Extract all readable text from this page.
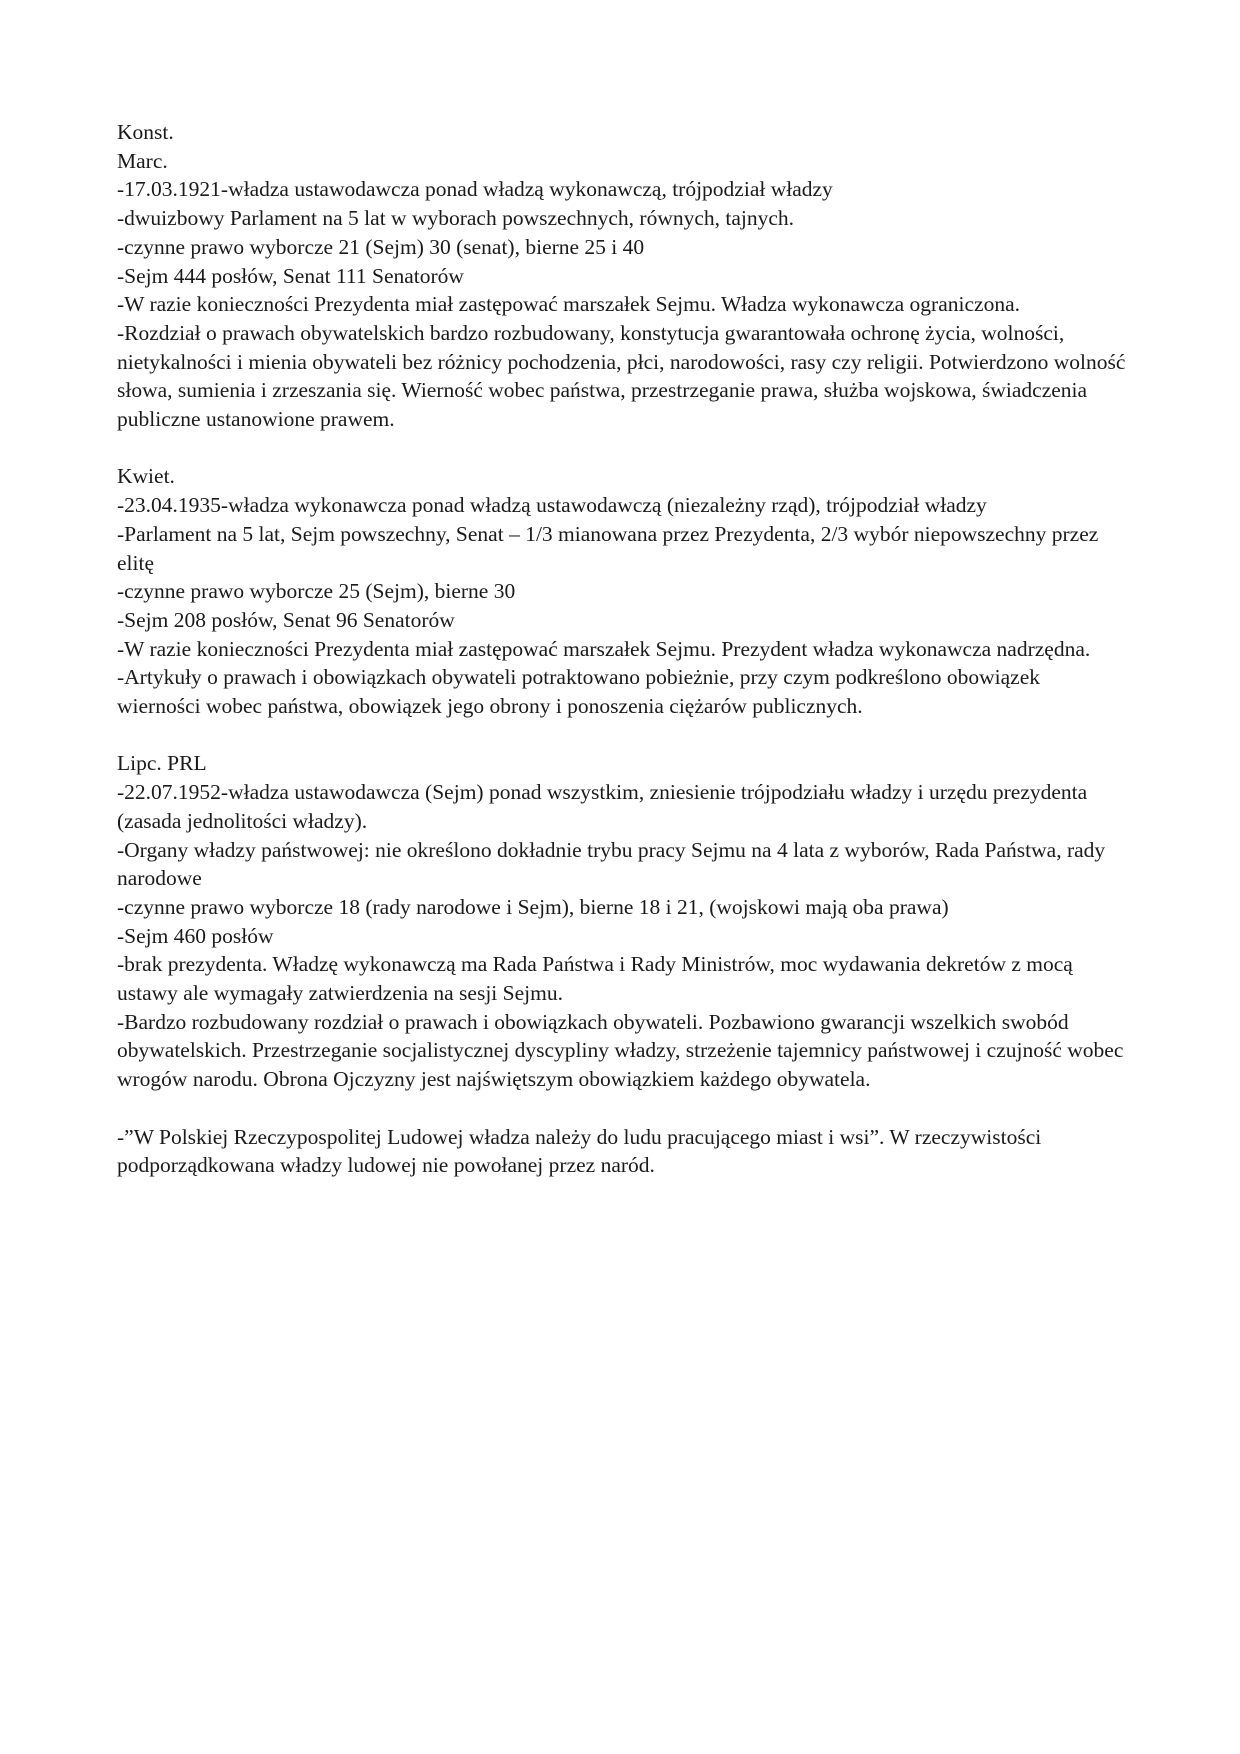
Konst.
Marc.
-17.03.1921-władza ustawodawcza ponad władzą wykonawczą, trójpodział władzy
-dwuizbowy Parlament na 5 lat w wyborach powszechnych, równych, tajnych.
-czynne prawo wyborcze 21 (Sejm) 30 (senat), bierne 25 i 40
-Sejm 444 posłów, Senat 111 Senatorów
-W razie konieczności Prezydenta miał zastępować marszałek Sejmu. Władza wykonawcza ograniczona.
-Rozdział o prawach obywatelskich bardzo rozbudowany, konstytucja gwarantowała ochronę życia, wolności, nietykalności i mienia obywateli bez różnicy pochodzenia, płci, narodowości, rasy czy religii. Potwierdzono wolność słowa, sumienia i zrzeszania się. Wierność wobec państwa, przestrzeganie prawa, służba wojskowa, świadczenia publiczne ustanowione prawem.
Kwiet.
-23.04.1935-władza wykonawcza ponad władzą ustawodawczą (niezależny rząd), trójpodział władzy
-Parlament na 5 lat, Sejm powszechny, Senat – 1/3 mianowana przez Prezydenta, 2/3 wybór niepowszechny przez elitę
-czynne prawo wyborcze 25 (Sejm), bierne 30
-Sejm 208 posłów, Senat 96 Senatorów
-W razie konieczności Prezydenta miał zastępować marszałek Sejmu. Prezydent władza wykonawcza nadrzędna.
-Artykuły o prawach i obowiązkach obywateli potraktowano pobieżnie, przy czym podkreślono obowiązek wierności wobec państwa, obowiązek jego obrony i ponoszenia ciężarów publicznych.
Lipc. PRL
-22.07.1952-władza ustawodawcza (Sejm) ponad wszystkim, zniesienie trójpodziału władzy i urzędu prezydenta (zasada jednolitości władzy).
-Organy władzy państwowej: nie określono dokładnie trybu pracy Sejmu na 4 lata z wyborów, Rada Państwa, rady narodowe
-czynne prawo wyborcze 18 (rady narodowe i Sejm), bierne 18 i 21, (wojskowi mają oba prawa)
-Sejm 460 posłów
-brak prezydenta. Władzę wykonawczą ma Rada Państwa i Rady Ministrów, moc wydawania dekretów z mocą ustawy ale wymagały zatwierdzenia na sesji Sejmu.
-Bardzo rozbudowany rozdział o prawach i obowiązkach obywateli. Pozbawiono gwarancji wszelkich swobód obywatelskich. Przestrzeganie socjalistycznej dyscypliny władzy, strzeżenie tajemnicy państwowej i czujność wobec wrogów narodu. Obrona Ojczyzny jest najświętszym obowiązkiem każdego obywatela.
-”W Polskiej Rzeczypospolitej Ludowej władza należy do ludu pracującego miast i wsi”. W rzeczywistości podporządkowana władzy ludowej nie powołanej przez naród.
